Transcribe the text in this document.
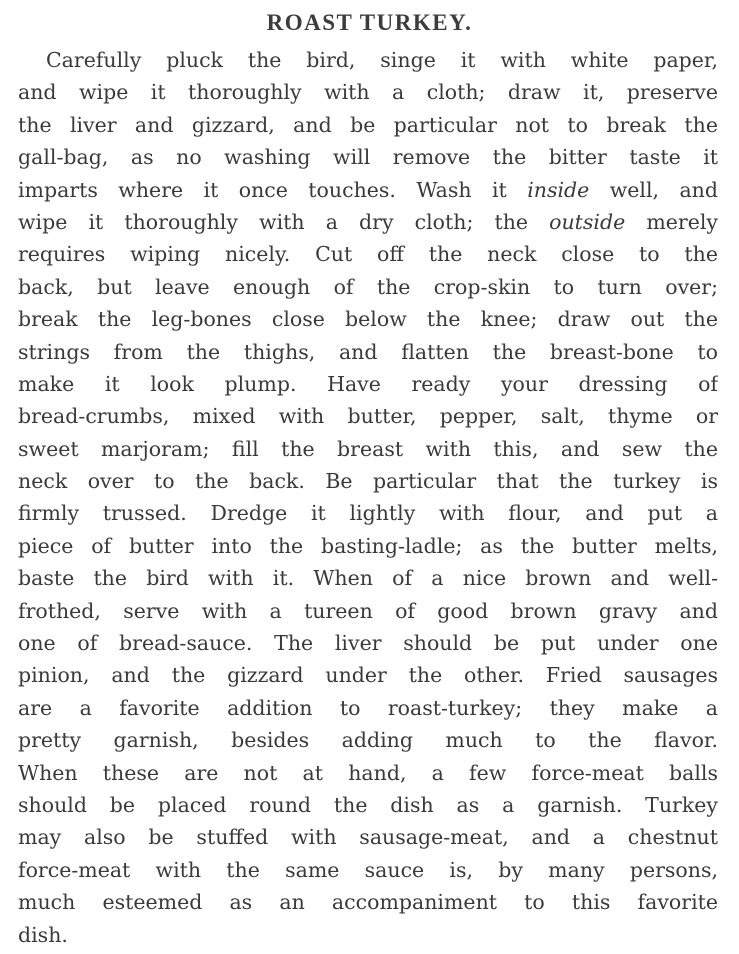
ROAST TURKEY.
Carefully pluck the bird, singe it with white paper,
and wipe it thoroughly with a cloth; draw it, preserve
the liver and gizzard, and be particular not to break the
gall-bag, as no washing will remove the bitter taste it
imparts where it once touches. Wash it inside well, and
wipe it thoroughly with a dry cloth; the outside merely
requires wiping nicely. Cut off the neck close to the
back, but leave enough of the crop-skin to turn over;
break the leg-bones close below the knee; draw out the
strings from the thighs, and flatten the breast-bone to
make it look plump. Have ready your dressing of
bread-crumbs, mixed with butter, pepper, salt, thyme or
sweet marjoram; fill the breast with this, and sew the
neck over to the back. Be particular that the turkey is
firmly trussed. Dredge it lightly with flour, and put a
piece of butter into the basting-ladle; as the butter melts,
baste the bird with it. When of a nice brown and well-
frothed, serve with a tureen of good brown gravy and
one of bread-sauce. The liver should be put under one
pinion, and the gizzard under the other. Fried sausages
are a favorite addition to roast-turkey; they make a
pretty garnish, besides adding much to the flavor.
When these are not at hand, a few force-meat balls
should be placed round the dish as a garnish. Turkey
may also be stuffed with sausage-meat, and a chestnut
force-meat with the same sauce is, by many persons,
much esteemed as an accompaniment to this favorite
dish.
